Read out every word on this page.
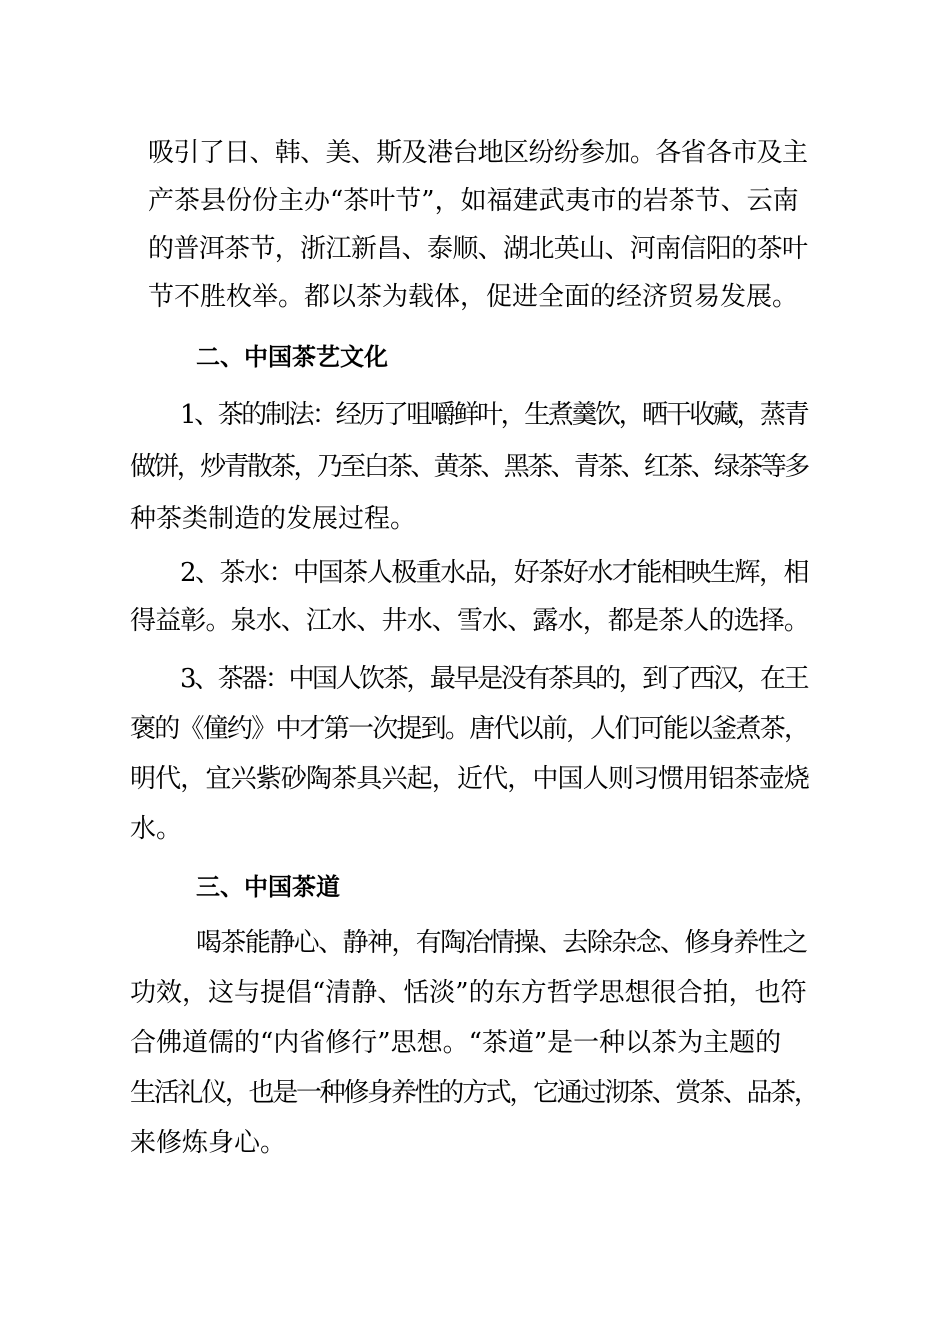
吸引了日、韩、美、斯及港台地区纷纷参加。各省各市及主
产茶县份份主办“茶叶节”，如福建武夷市的岩茶节、云南
的普洱茶节，浙江新昌、泰顺、湖北英山、河南信阳的茶叶
节不胜枚举。都以茶为载体，促进全面的经济贸易发展。
二、中国茶艺文化
1、茶的制法：经历了咀嚼鲜叶，生煮羹饮，晒干收藏，蒸青
做饼，炒青散茶，乃至白茶、黄茶、黑茶、青茶、红茶、绿茶等多
种茶类制造的发展过程。
2、茶水：中国茶人极重水品，好茶好水才能相映生辉，相
得益彰。泉水、江水、井水、雪水、露水，都是茶人的选择。
3、茶器：中国人饮茶，最早是没有茶具的，到了西汉，在王
褒的《僮约》中才第一次提到。唐代以前，人们可能以釜煮茶，
明代，宜兴紫砂陶茶具兴起，近代，中国人则习惯用铝茶壶烧
水。
三、中国茶道
喝茶能静心、静神，有陶冶情操、去除杂念、修身养性之
功效，这与提倡“清静、恬淡”的东方哲学思想很合拍，也符
合佛道儒的“内省修行”思想。“茶道”是一种以茶为主题的
生活礼仪，也是一种修身养性的方式，它通过沏茶、赏茶、品茶，
来修炼身心。
